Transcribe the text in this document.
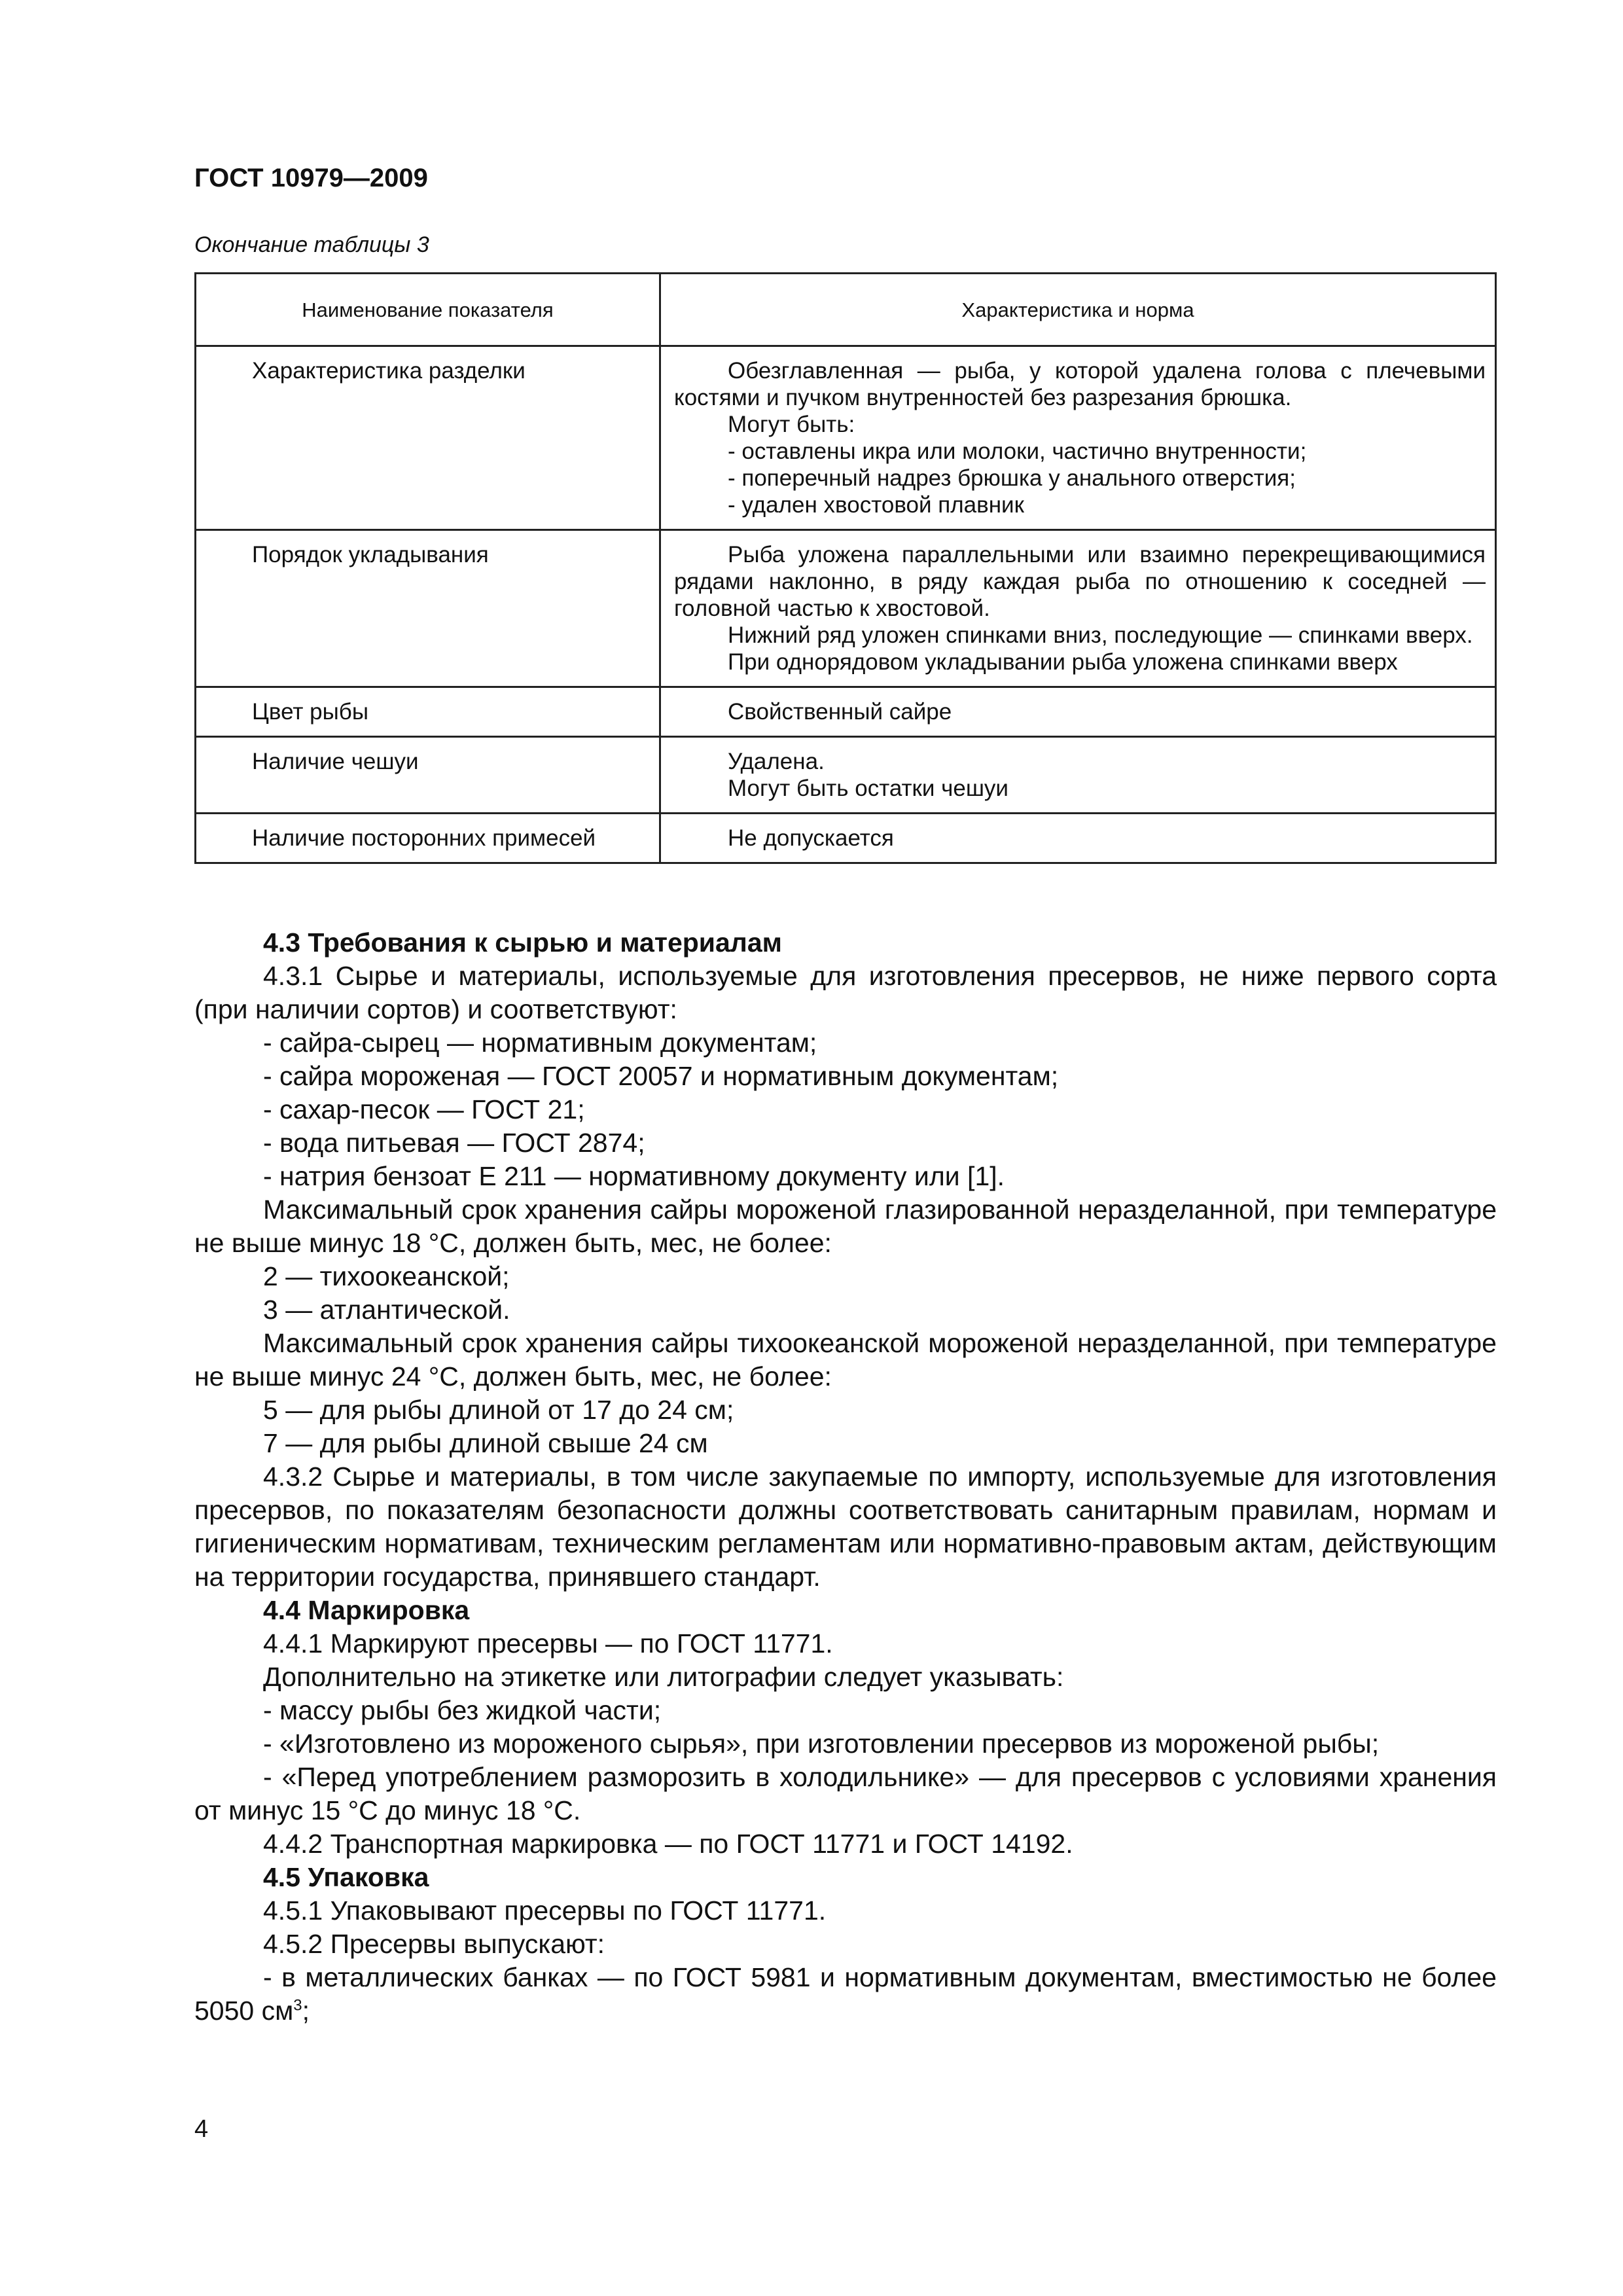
ГОСТ 10979—2009
Окончание таблицы 3
Наименование показателя	Характеристика и норма
Характеристика разделки	Обезглавленная — рыба, у которой удалена голова с плечевыми костями и пучком внутренностей без разрезания брюшка.
Могут быть:
- оставлены икра или молоки, частично внутренности;
- поперечный надрез брюшка у анального отверстия;
- удален хвостовой плавник

Порядок укладывания	Рыба уложена параллельными или взаимно перекрещивающимися рядами наклонно, в ряду каждая рыба по отношению к соседней — головной частью к хвостовой.
Нижний ряд уложен спинками вниз, последующие — спинками вверх.
При однорядовом укладывании рыба уложена спинками вверх

Цвет рыбы	Свойственный сайре

Наличие чешуи	Удалена.
Могут быть остатки чешуи

Наличие посторонних примесей	Не допускается

4.3 Требования к сырью и материалам

4.3.1 Сырье и материалы, используемые для изготовления пресервов, не ниже первого сорта (при наличии сортов) и соответствуют:

- сайра-сырец — нормативным документам;

- сайра мороженая — ГОСТ 20057 и нормативным документам;

- сахар-песок — ГОСТ 21;

- вода питьевая — ГОСТ 2874;

- натрия бензоат Е 211 — нормативному документу или [1].

Максимальный срок хранения сайры мороженой глазированной неразделанной, при температуре не выше минус 18 °С, должен быть, мес, не более:

2 — тихоокеанской;

3 — атлантической.

Максимальный срок хранения сайры тихоокеанской мороженой неразделанной, при температуре не выше минус 24 °С, должен быть, мес, не более:

5 — для рыбы длиной от 17 до 24 см;

7 — для рыбы длиной свыше 24 см

4.3.2 Сырье и материалы, в том числе закупаемые по импорту, используемые для изготовления пресервов, по показателям безопасности должны соответствовать санитарным правилам, нормам и гигиеническим нормативам, техническим регламентам или нормативно-правовым актам, действующим на территории государства, принявшего стандарт.

4.4 Маркировка

4.4.1 Маркируют пресервы — по ГОСТ 11771.

Дополнительно на этикетке или литографии следует указывать:

- массу рыбы без жидкой части;

- «Изготовлено из мороженого сырья», при изготовлении пресервов из мороженой рыбы;

- «Перед употреблением разморозить в холодильнике» — для пресервов с условиями хранения от минус 15 °С до минус 18 °С.

4.4.2 Транспортная маркировка — по ГОСТ 11771 и ГОСТ 14192.

4.5 Упаковка

4.5.1 Упаковывают пресервы по ГОСТ 11771.

4.5.2 Пресервы выпускают:

- в металлических банках — по ГОСТ 5981 и нормативным документам, вместимостью не более 5050 $см^3$;

4
